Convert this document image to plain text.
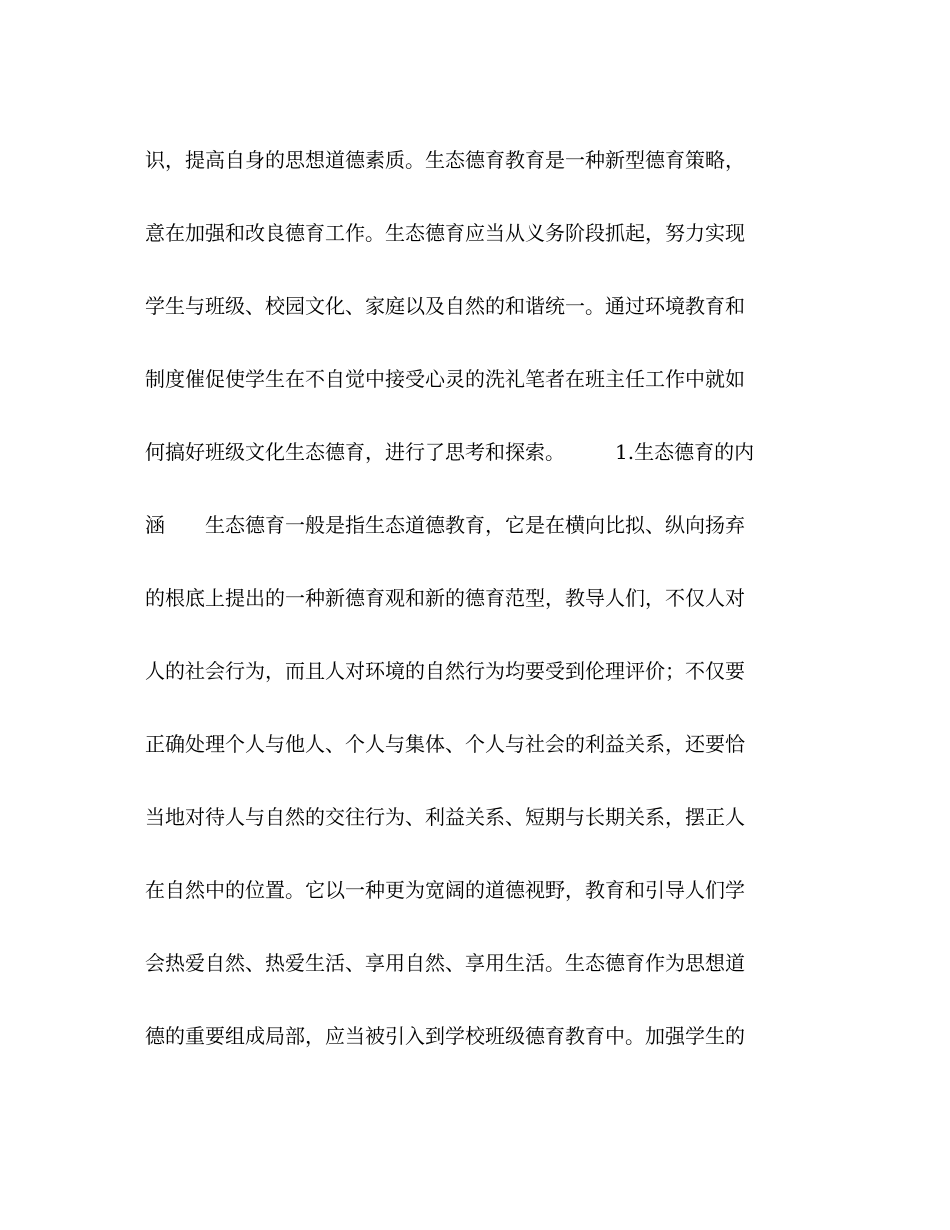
识，提高自身的思想道德素质。生态德育教育是一种新型德育策略，
意在加强和改良德育工作。生态德育应当从义务阶段抓起，努力实现
学生与班级、校园文化、家庭以及自然的和谐统一。通过环境教育和
制度催促使学生在不自觉中接受心灵的洗礼笔者在班主任工作中就如
何搞好班级文化生态德育，进行了思考和探索。　　　1.生态德育的内
涵　　生态德育一般是指生态道德教育，它是在横向比拟、纵向扬弃
的根底上提出的一种新德育观和新的德育范型，教导人们，不仅人对
人的社会行为，而且人对环境的自然行为均要受到伦理评价；不仅要
正确处理个人与他人、个人与集体、个人与社会的利益关系，还要恰
当地对待人与自然的交往行为、利益关系、短期与长期关系，摆正人
在自然中的位置。它以一种更为宽阔的道德视野，教育和引导人们学
会热爱自然、热爱生活、享用自然、享用生活。生态德育作为思想道
德的重要组成局部，应当被引入到学校班级德育教育中。加强学生的
